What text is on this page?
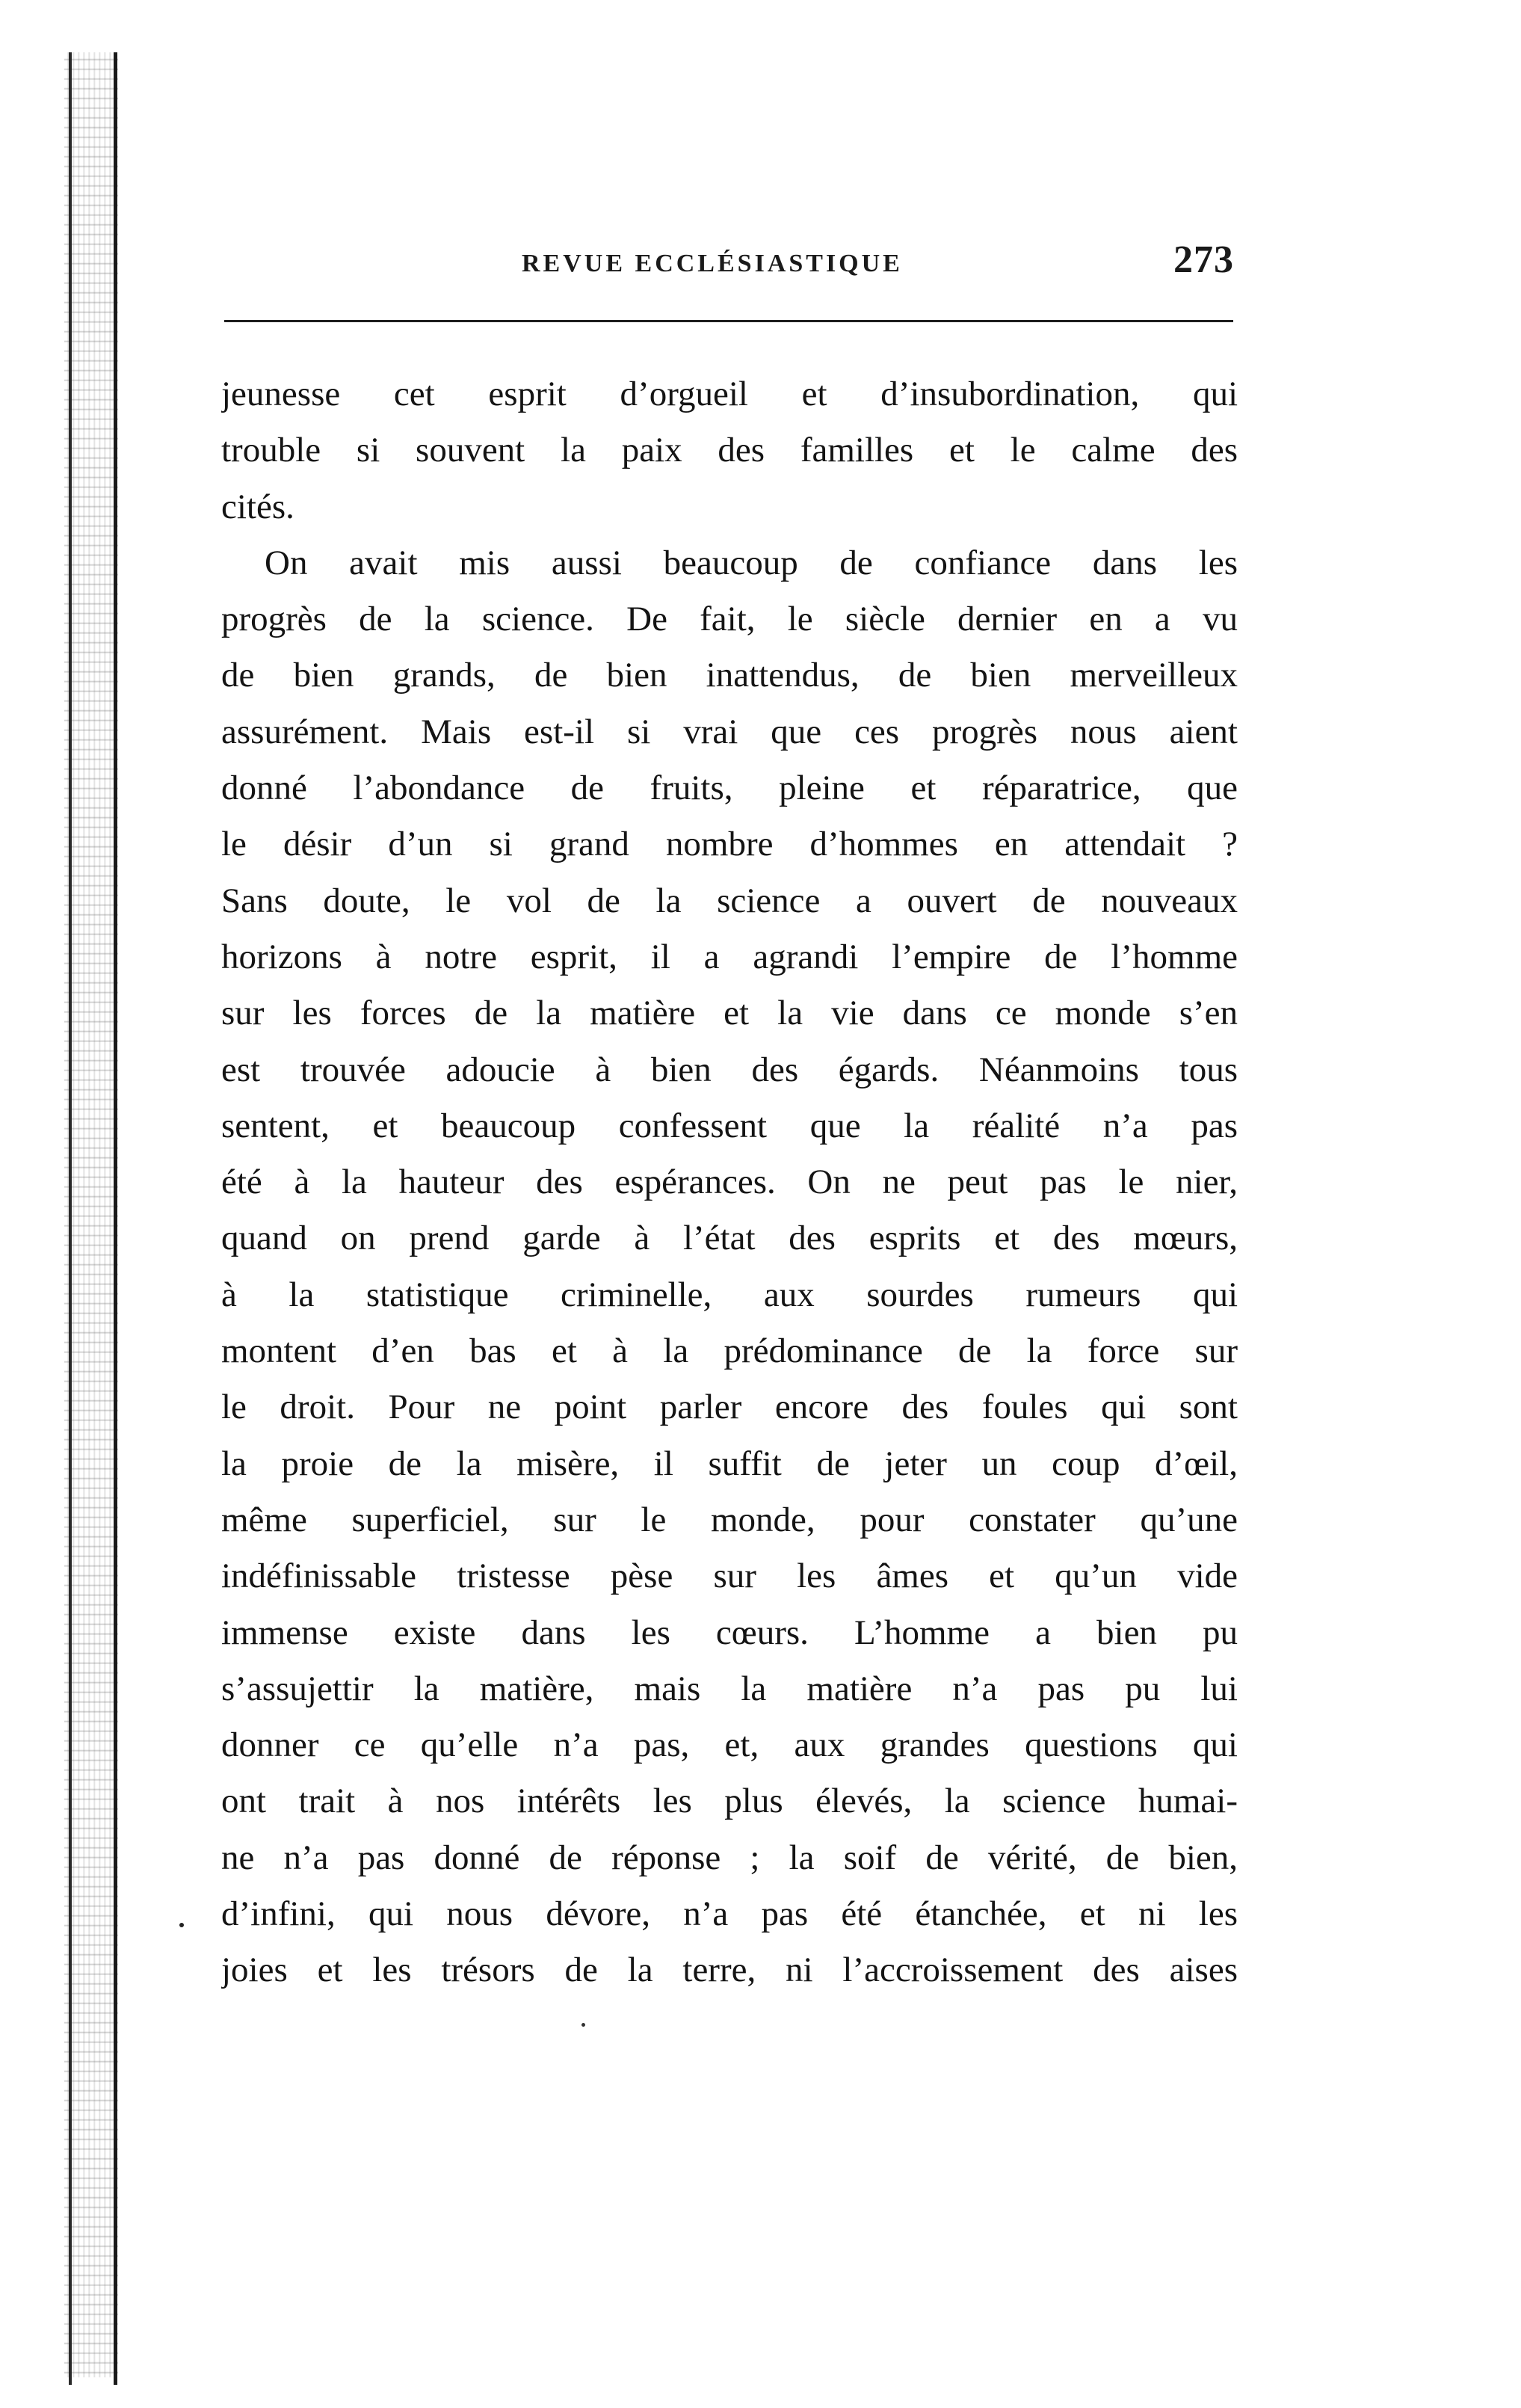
REVUE ECCLÉSIASTIQUE	273
jeunesse cet esprit d’orgueil et d’insubordination, qui
trouble si souvent la paix des familles et le calme des
cités.
On avait mis aussi beaucoup de confiance dans les
progrès de la science. De fait, le siècle dernier en a vu
de bien grands, de bien inattendus, de bien merveilleux
assurément. Mais est-il si vrai que ces progrès nous aient
donné l’abondance de fruits, pleine et réparatrice, que
le désir d’un si grand nombre d’hommes en attendait ?
Sans doute, le vol de la science a ouvert de nouveaux
horizons à notre esprit, il a agrandi l’empire de l’homme
sur les forces de la matière et la vie dans ce monde s’en
est trouvée adoucie à bien des égards. Néanmoins tous
sentent, et beaucoup confessent que la réalité n’a pas
été à la hauteur des espérances. On ne peut pas le nier,
quand on prend garde à l’état des esprits et des mœurs,
à la statistique criminelle, aux sourdes rumeurs qui
montent d’en bas et à la prédominance de la force sur
le droit. Pour ne point parler encore des foules qui sont
la proie de la misère, il suffit de jeter un coup d’œil,
même superficiel, sur le monde, pour constater qu’une
indéfinissable tristesse pèse sur les âmes et qu’un vide
immense existe dans les cœurs. L’homme a bien pu
s’assujettir la matière, mais la matière n’a pas pu lui
donner ce qu’elle n’a pas, et, aux grandes questions qui
ont trait à nos intérêts les plus élevés, la science humai-
ne n’a pas donné de réponse ; la soif de vérité, de bien,
d’infini, qui nous dévore, n’a pas été étanchée, et ni les
joies et les trésors de la terre, ni l’accroissement des aises
